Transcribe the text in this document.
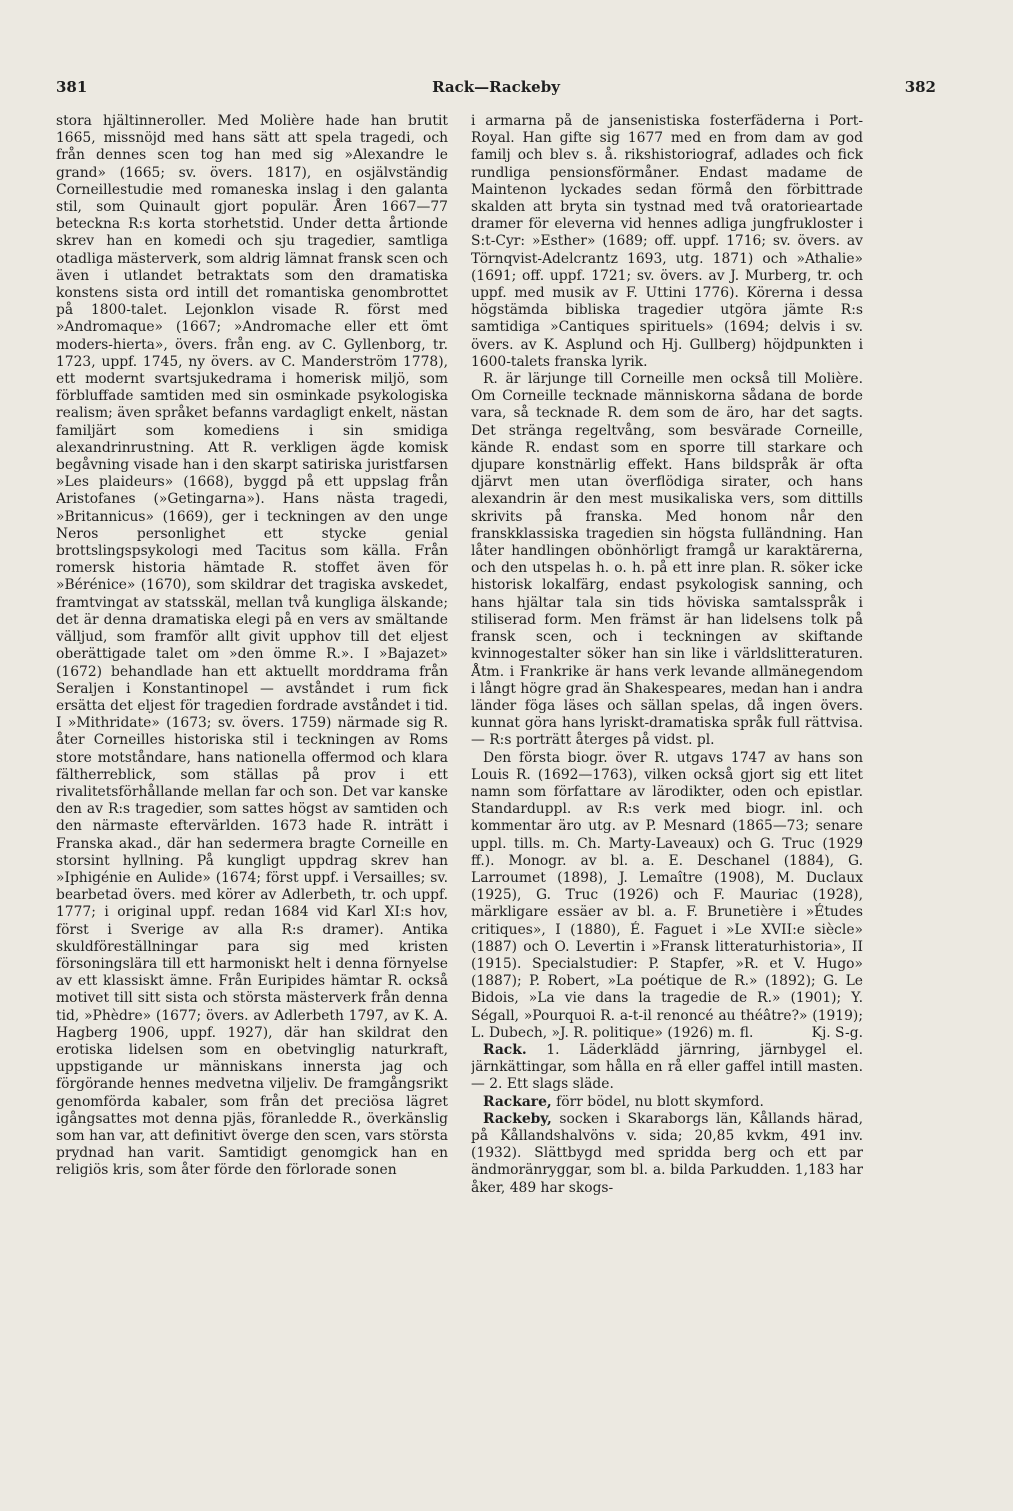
381	Rack—Rackeby	382

stora hjältinneroller. Med Molière hade han brutit 1665, missnöjd med hans sätt att spela tragedi, och från dennes scen tog han med sig »Alexandre le grand» (1665; sv. övers. 1817), en osjälvständig Corneillestudie med romaneska inslag i den galanta stil, som Quinault gjort populär. Åren 1667—77 beteckna R:s korta storhetstid. Under detta årtionde skrev han en komedi och sju tragedier, samtliga otadliga mästerverk, som aldrig lämnat fransk scen och även i utlandet betraktats som den dramatiska konstens sista ord intill det romantiska genombrottet på 1800-talet. Lejonklon visade R. först med »Andromaque» (1667; »Andromache eller ett ömt moders-hierta», övers. från eng. av C. Gyllenborg, tr. 1723, uppf. 1745, ny övers. av C. Manderström 1778), ett modernt svartsjukedrama i homerisk miljö, som förbluffade samtiden med sin osminkade psykologiska realism; även språket befanns vardagligt enkelt, nästan familjärt som komediens i sin smidiga alexandrinrustning. Att R. verkligen ägde komisk begåvning visade han i den skarpt satiriska juristfarsen »Les plaideurs» (1668), byggd på ett uppslag från Aristofanes (»Getingarna»). Hans nästa tragedi, »Britannicus» (1669), ger i teckningen av den unge Neros personlighet ett stycke genial brottslingspsykologi med Tacitus som källa. Från romersk historia hämtade R. stoffet även för »Bérénice» (1670), som skildrar det tragiska avskedet, framtvingat av statsskäl, mellan två kungliga älskande; det är denna dramatiska elegi på en vers av smältande välljud, som framför allt givit upphov till det eljest oberättigade talet om »den ömme R.». I »Bajazet» (1672) behandlade han ett aktuellt morddrama från Seraljen i Konstantinopel — avståndet i rum fick ersätta det eljest för tragedien fordrade avståndet i tid. I »Mithridate» (1673; sv. övers. 1759) närmade sig R. åter Corneilles historiska stil i teckningen av Roms store motståndare, hans nationella offermod och klara fältherreblick, som ställas på prov i ett rivalitetsförhållande mellan far och son. Det var kanske den av R:s tragedier, som sattes högst av samtiden och den närmaste eftervärlden. 1673 hade R. inträtt i Franska akad., där han sedermera bragte Corneille en storsint hyllning. På kungligt uppdrag skrev han »Iphigénie en Aulide» (1674; först uppf. i Versailles; sv. bearbetad övers. med körer av Adlerbeth, tr. och uppf. 1777; i original uppf. redan 1684 vid Karl XI:s hov, först i Sverige av alla R:s dramer). Antika skuldföreställningar para sig med kristen försoningslära till ett harmoniskt helt i denna förnyelse av ett klassiskt ämne. Från Euripides hämtar R. också motivet till sitt sista och största mästerverk från denna tid, »Phèdre» (1677; övers. av Adlerbeth 1797, av K. A. Hagberg 1906, uppf. 1927), där han skildrat den erotiska lidelsen som en obetvinglig naturkraft, uppstigande ur människans innersta jag och förgörande hennes medvetna viljeliv. De framgångsrikt genomförda kabaler, som från det preciösa lägret igångsattes mot denna pjäs, föranledde R., överkänslig som han var, att definitivt överge den scen, vars största prydnad han varit. Samtidigt genomgick han en religiös kris, som åter förde den förlorade sonen

i armarna på de jansenistiska fosterfäderna i Port-Royal. Han gifte sig 1677 med en from dam av god familj och blev s. å. rikshistoriograf, adlades och fick rundliga pensionsförmåner. Endast madame de Maintenon lyckades sedan förmå den förbittrade skalden att bryta sin tystnad med två oratorieartade dramer för eleverna vid hennes adliga jungfrukloster i S:t-Cyr: »Esther» (1689; off. uppf. 1716; sv. övers. av Törnqvist-Adelcrantz 1693, utg. 1871) och »Athalie» (1691; off. uppf. 1721; sv. övers. av J. Murberg, tr. och uppf. med musik av F. Uttini 1776). Körerna i dessa högstämda bibliska tragedier utgöra jämte R:s samtidiga »Cantiques spirituels» (1694; delvis i sv. övers. av K. Asplund och Hj. Gullberg) höjdpunkten i 1600-talets franska lyrik.

R. är lärjunge till Corneille men också till Molière. Om Corneille tecknade människorna sådana de borde vara, så tecknade R. dem som de äro, har det sagts. Det stränga regeltvång, som besvärade Corneille, kände R. endast som en sporre till starkare och djupare konstnärlig effekt. Hans bildspråk är ofta djärvt men utan överflödiga sirater, och hans alexandrin är den mest musikaliska vers, som dittills skrivits på franska. Med honom når den franskklassiska tragedien sin högsta fulländning. Han låter handlingen obönhörligt framgå ur karaktärerna, och den utspelas h. o. h. på ett inre plan. R. söker icke historisk lokalfärg, endast psykologisk sanning, och hans hjältar tala sin tids höviska samtalsspråk i stiliserad form. Men främst är han lidelsens tolk på fransk scen, och i teckningen av skiftande kvinnogestalter söker han sin like i världslitteraturen. Åtm. i Frankrike är hans verk levande allmänegendom i långt högre grad än Shakespeares, medan han i andra länder föga läses och sällan spelas, då ingen övers. kunnat göra hans lyriskt-dramatiska språk full rättvisa. — R:s porträtt återges på vidst. pl.

Den första biogr. över R. utgavs 1747 av hans son Louis R. (1692—1763), vilken också gjort sig ett litet namn som författare av lärodikter, oden och epistlar. Standarduppl. av R:s verk med biogr. inl. och kommentar äro utg. av P. Mesnard (1865—73; senare uppl. tills. m. Ch. Marty-Laveaux) och G. Truc (1929 ff.). Monogr. av bl. a. E. Deschanel (1884), G. Larroumet (1898), J. Lemaître (1908), M. Duclaux (1925), G. Truc (1926) och F. Mauriac (1928), märkligare essäer av bl. a. F. Brunetière i »Études critiques», I (1880), É. Faguet i »Le XVII:e siècle» (1887) och O. Levertin i »Fransk litteraturhistoria», II (1915). Specialstudier: P. Stapfer, »R. et V. Hugo» (1887); P. Robert, »La poétique de R.» (1892); G. Le Bidois, »La vie dans la tragedie de R.» (1901); Y. Ségall, »Pourquoi R. a-t-il renoncé au théâtre?» (1919); L. Dubech, »J. R. politique» (1926) m. fl.	Kj. S-g.

Rack. 1. Läderklädd järnring, järnbygel el. järnkättingar, som hålla en rå eller gaffel intill masten.— 2. Ett slags släde.

Rackare, förr bödel, nu blott skymford.

Rackeby, socken i Skaraborgs län, Kållands härad, på Kållandshalvöns v. sida; 20,85 kvkm, 491 inv. (1932). Slättbygd med spridda berg och ett par ändmoränryggar, som bl. a. bilda Parkudden. 1,183 har åker, 489 har skogs-
